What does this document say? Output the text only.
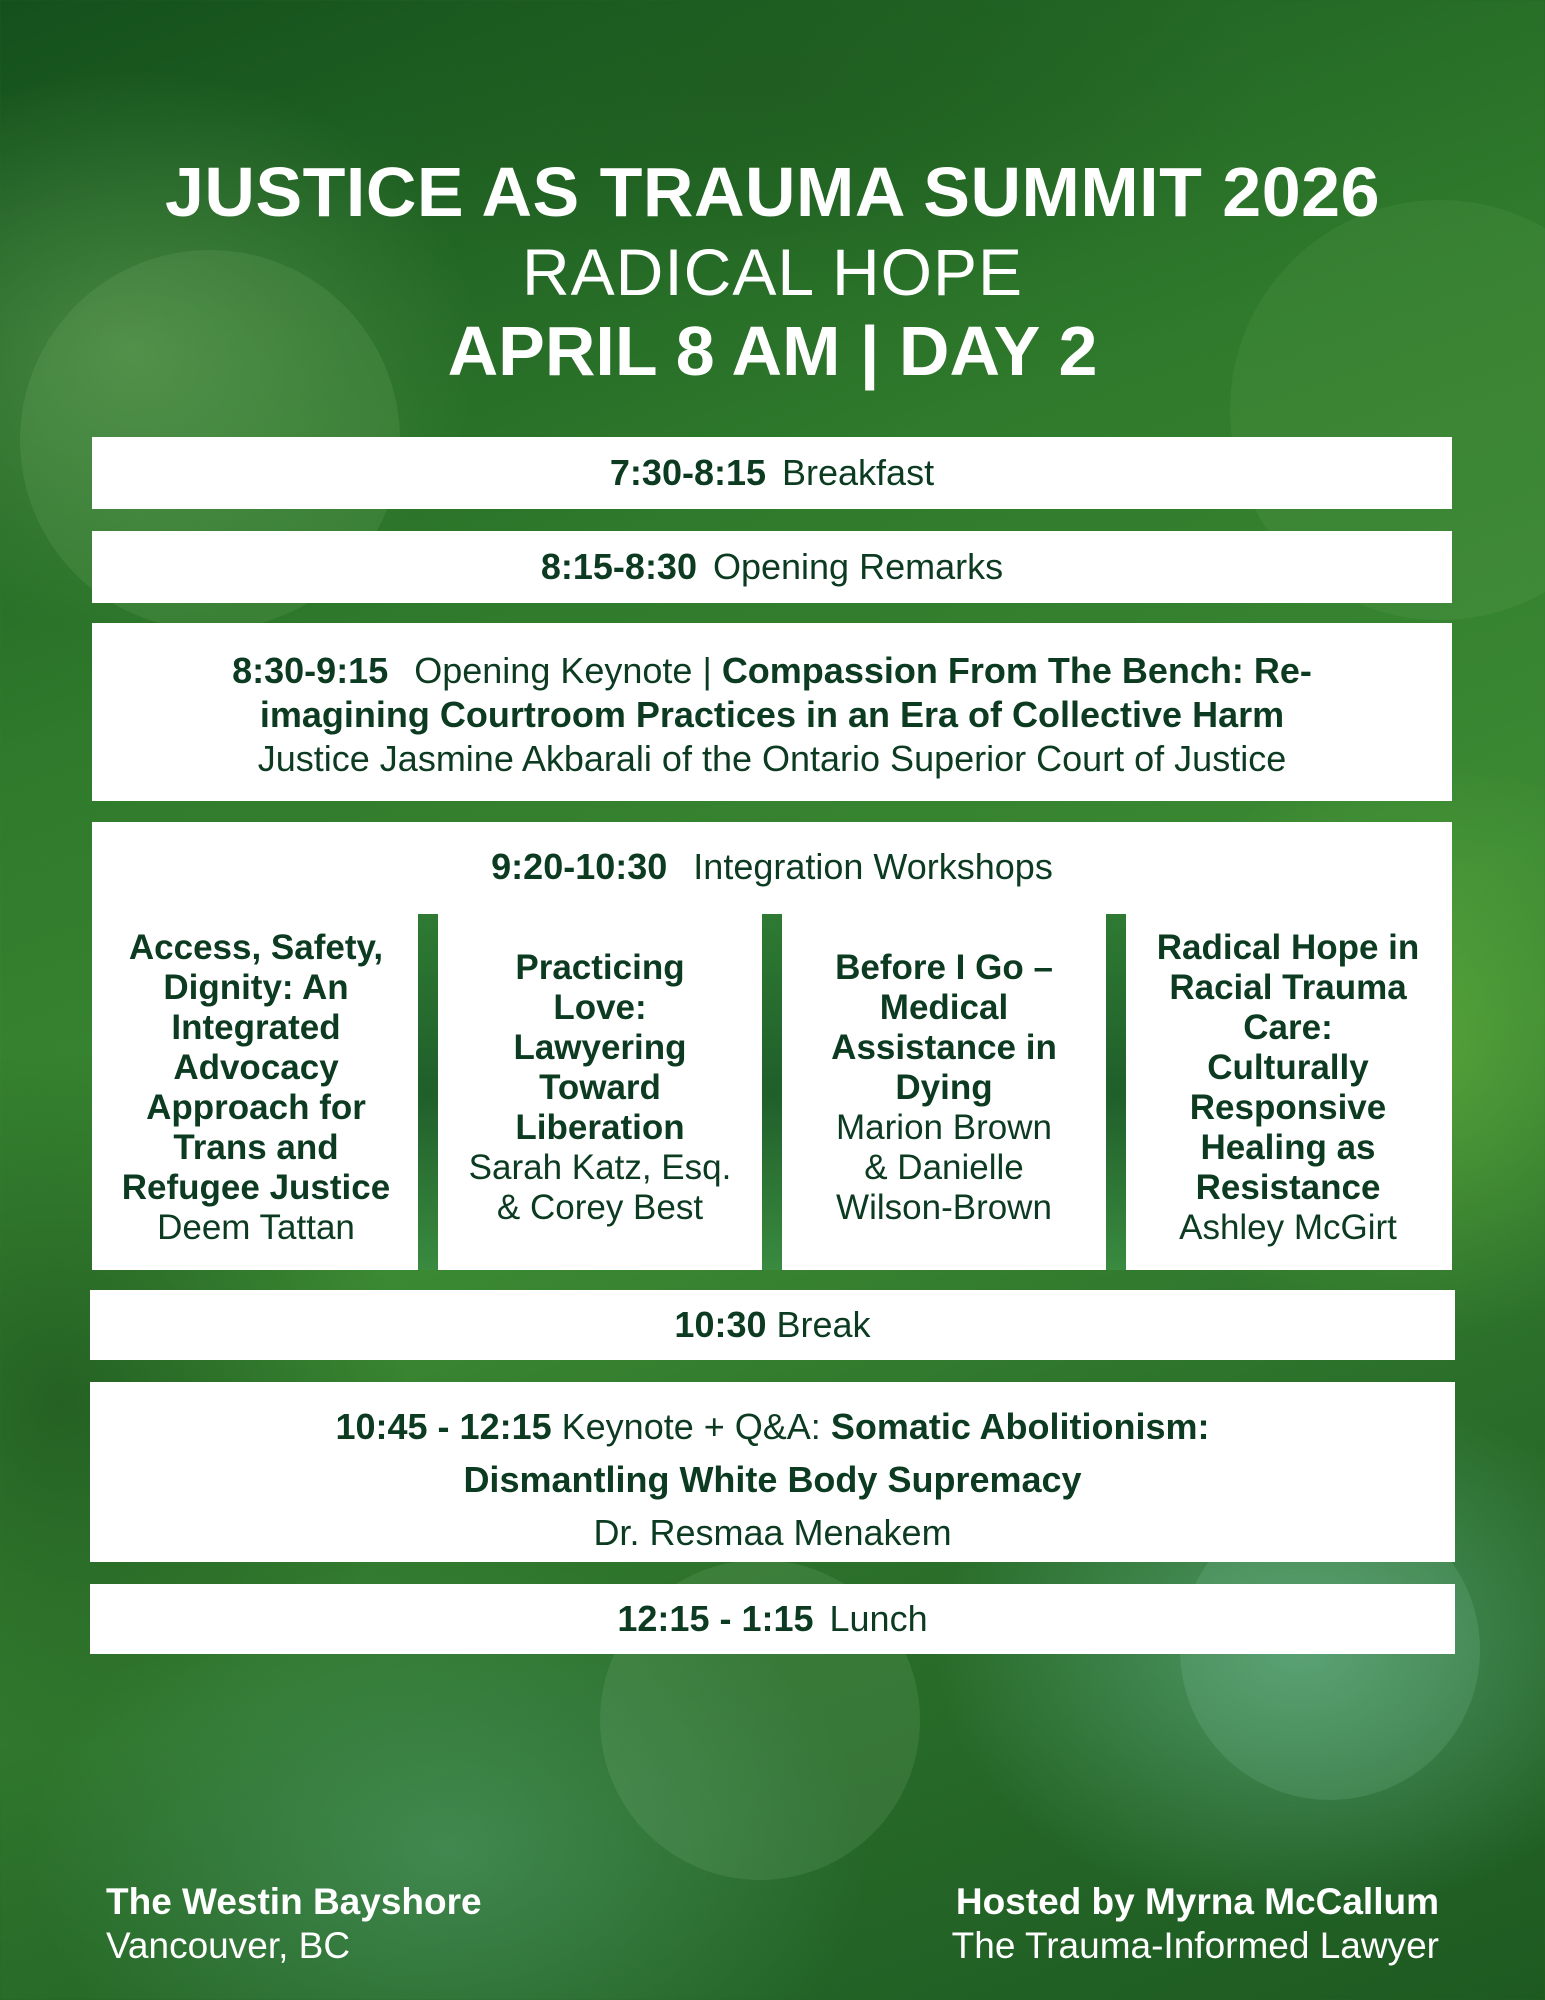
JUSTICE AS TRAUMA SUMMIT 2026
RADICAL HOPE
APRIL 8 AM | DAY 2
7:30-8:15 Breakfast
8:15-8:30 Opening Remarks
8:30-9:15 Opening Keynote | Compassion From The Bench: Re-
imagining Courtroom Practices in an Era of Collective Harm
Justice Jasmine Akbarali of the Ontario Superior Court of Justice
9:20-10:30 Integration Workshops
Access, Safety,
Dignity: An
Integrated
Advocacy
Approach for
Trans and
Refugee Justice
Deem Tattan
Practicing
Love:
Lawyering
Toward
Liberation
Sarah Katz, Esq.
& Corey Best
Before I Go –
Medical
Assistance in
Dying
Marion Brown
& Danielle
Wilson-Brown
Radical Hope in
Racial Trauma
Care:
Culturally
Responsive
Healing as
Resistance
Ashley McGirt
10:30
Break
10:45 - 12:15 Keynote + Q&A: Somatic Abolitionism:
Dismantling White Body Supremacy
Dr. Resmaa Menakem
12:15 - 1:15 Lunch
The Westin Bayshore
Vancouver, BC
Hosted by Myrna McCallum
The Trauma-Informed Lawyer
